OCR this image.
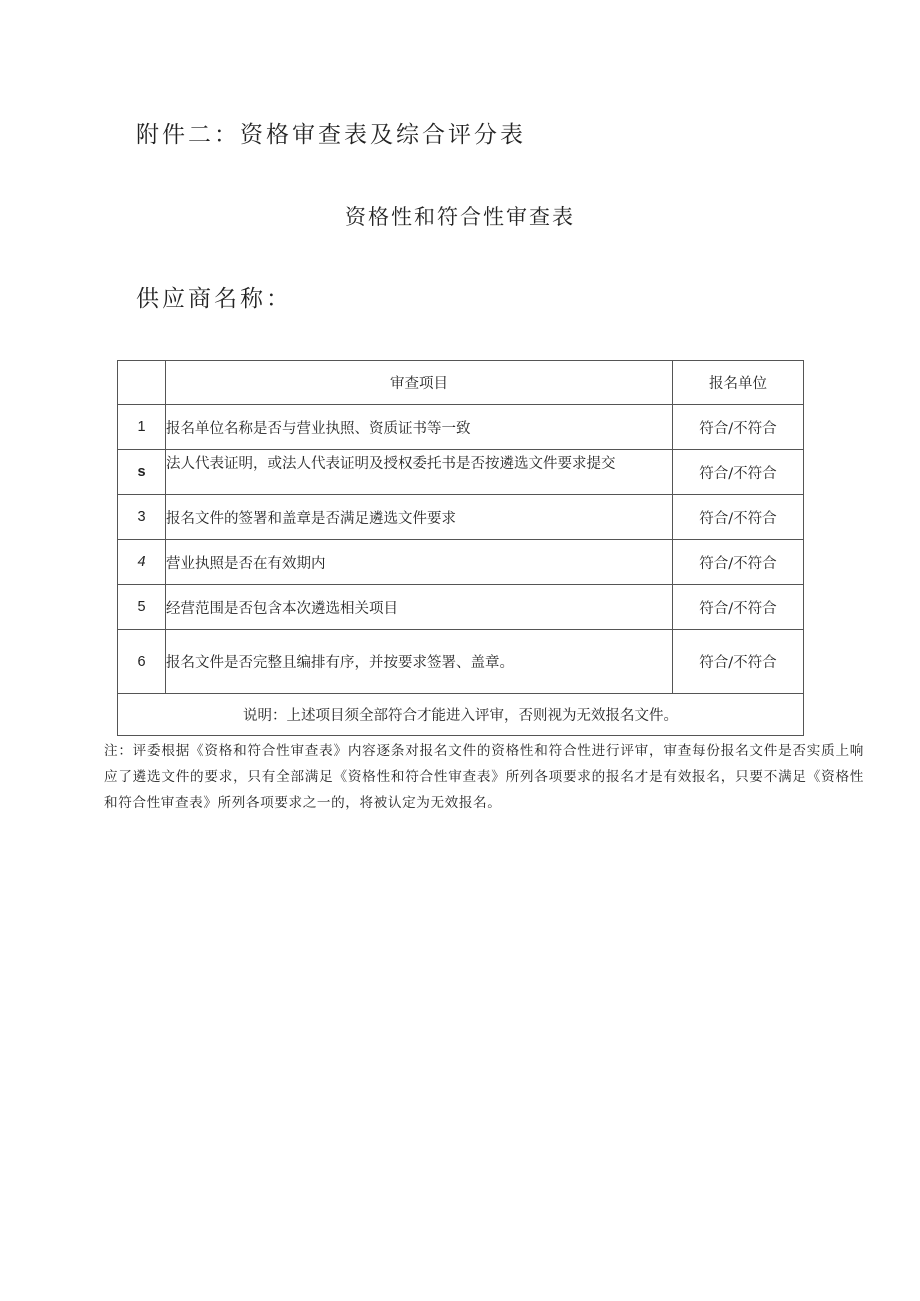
附件二：资格审查表及综合评分表
资格性和符合性审查表
供应商名称：
	审查项目	报名单位
1	报名单位名称是否与营业执照、资质证书等一致	符合/不符合
s	法人代表证明，或法人代表证明及授权委托书是否按遴选文件要求提交	符合/不符合
3	报名文件的签署和盖章是否满足遴选文件要求	符合/不符合
4	营业执照是否在有效期内	符合/不符合
5	经营范围是否包含本次遴选相关项目	符合/不符合
6	报名文件是否完整且编排有序，并按要求签署、盖章。	符合/不符合
说明：上述项目须全部符合才能进入评审，否则视为无效报名文件。		
注：评委根据《资格和符合性审查表》内容逐条对报名文件的资格性和符合性进行评审，审查每份报名文件是否实质上响应了遴选文件的要求，只有全部满足《资格性和符合性审查表》所列各项要求的报名才是有效报名，只要不满足《资格性和符合性审查表》所列各项要求之一的，将被认定为无效报名。
